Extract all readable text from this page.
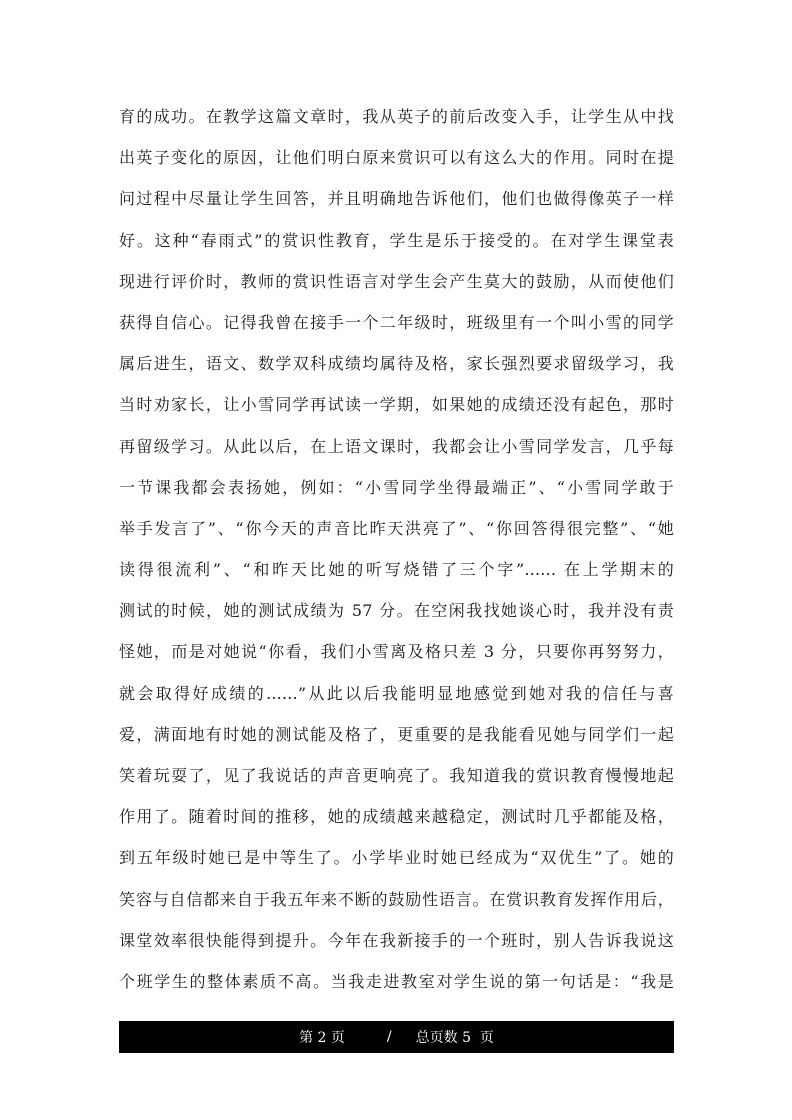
育的成功。在教学这篇文章时，我从英子的前后改变入手，让学生从中找
出英子变化的原因，让他们明白原来赏识可以有这么大的作用。同时在提
问过程中尽量让学生回答，并且明确地告诉他们，他们也做得像英子一样
好。这种“春雨式”的赏识性教育，学生是乐于接受的。在对学生课堂表
现进行评价时，教师的赏识性语言对学生会产生莫大的鼓励，从而使他们
获得自信心。记得我曾在接手一个二年级时，班级里有一个叫小雪的同学
属后进生，语文、数学双科成绩均属待及格，家长强烈要求留级学习，我
当时劝家长，让小雪同学再试读一学期，如果她的成绩还没有起色，那时
再留级学习。从此以后，在上语文课时，我都会让小雪同学发言，几乎每
一节课我都会表扬她，例如：“小雪同学坐得最端正”、“小雪同学敢于
举手发言了”、“你今天的声音比昨天洪亮了”、“你回答得很完整”、“她
读得很流利”、“和昨天比她的听写烧错了三个字”...... 在上学期末的
测试的时候，她的测试成绩为 57 分。在空闲我找她谈心时，我并没有责
怪她，而是对她说“你看，我们小雪离及格只差 3 分，只要你再努努力，
就会取得好成绩的......”从此以后我能明显地感觉到她对我的信任与喜
爱，满面地有时她的测试能及格了，更重要的是我能看见她与同学们一起
笑着玩耍了，见了我说话的声音更响亮了。我知道我的赏识教育慢慢地起
作用了。随着时间的推移，她的成绩越来越稳定，测试时几乎都能及格，
到五年级时她已是中等生了。小学毕业时她已经成为“双优生”了。她的
笑容与自信都来自于我五年来不断的鼓励性语言。在赏识教育发挥作用后，
课堂效率很快能得到提升。今年在我新接手的一个班时，别人告诉我说这
个班学生的整体素质不高。当我走进教室对学生说的第一句话是：“我是
第 2 页	/ 总页数 5  页
